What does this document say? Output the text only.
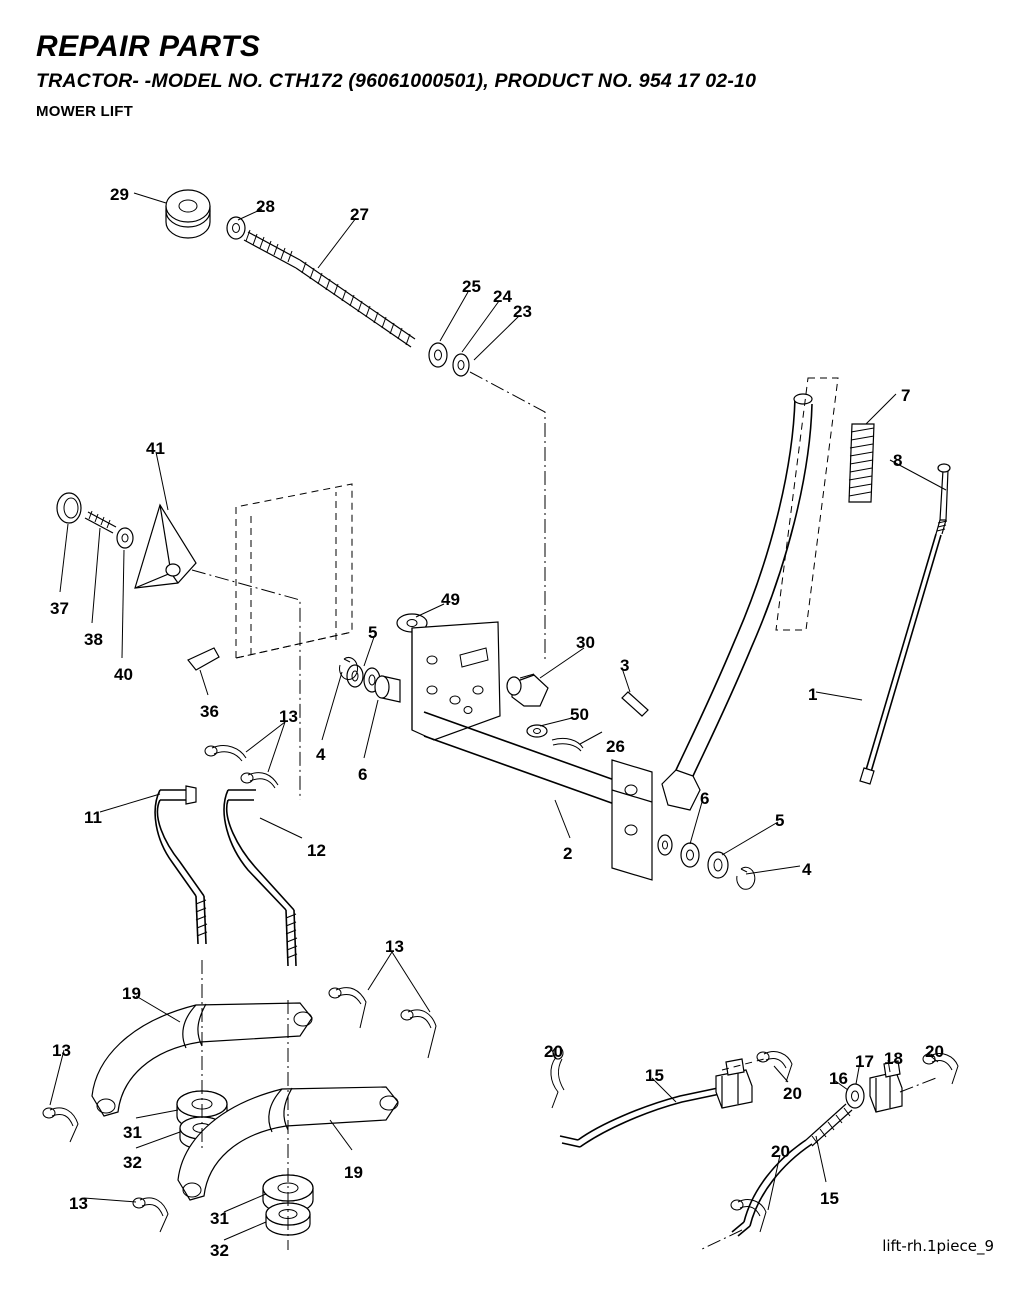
REPAIR PARTS
TRACTOR- -MODEL NO. CTH172 (96061000501), PRODUCT NO. 954 17 02-10
MOWER LIFT
29
28	27
25
24
23
7
8
41
37
38
40
36
49
5
30
3
1
4
6
50
26
13
11
12	2
6
5
4
13
19
13	20
15
17 18 20
16
20
31
32
19
20
15
13
31
32	lift-rh.1piece_9
